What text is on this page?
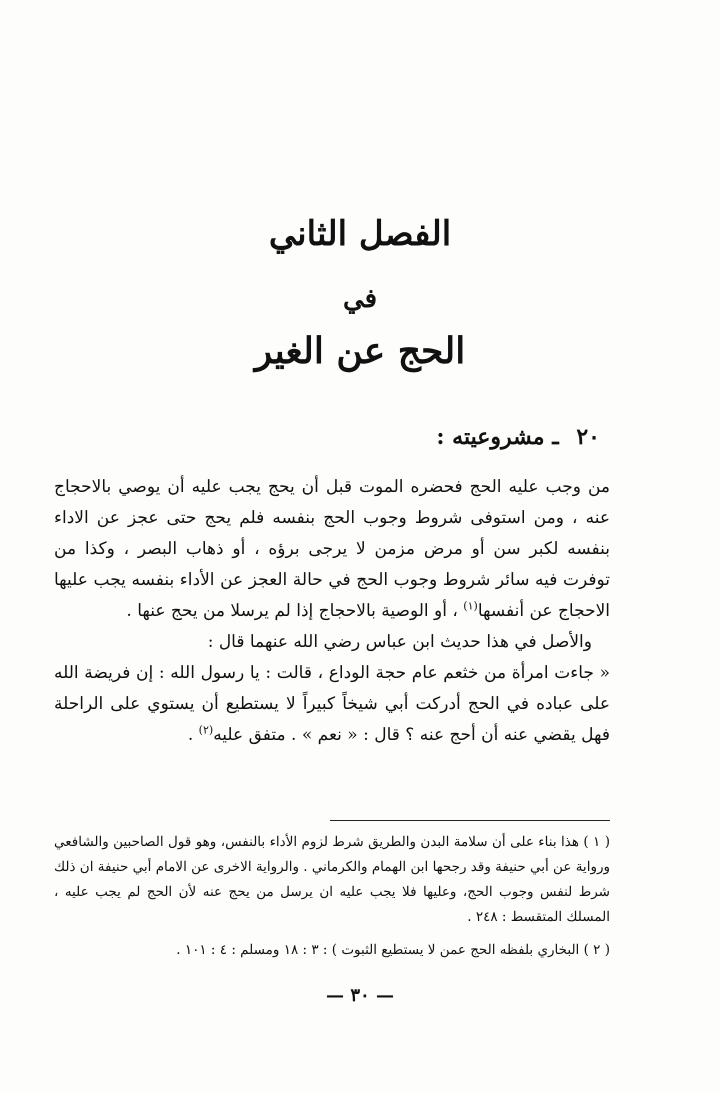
الفصل الثاني
في
الحج عن الغير
٢٠ ـ مشروعيته :

من وجب عليه الحج فحضره الموت قبل أن يحج يجب عليه أن يوصي بالاحجاج عنه ، ومن استوفى شروط وجوب الحج بنفسه فلم يحج حتى عجز عن الاداء بنفسه لكبر سن أو مرض مزمن لا يرجى برؤه ، أو ذهاب البصر ، وكذا من توفرت فيه سائر شروط وجوب الحج في حالة العجز عن الأداء بنفسه يجب عليها الاحجاج عن أنفسها$^{(١)}$ ، أو الوصية بالاحجاج إذا لم يرسلا من يحج عنها .

والأصل في هذا حديث ابن عباس رضي الله عنهما قال :

« جاءت امرأة من خثعم عام حجة الوداع ، قالت : يا رسول الله : إن فريضة الله على عباده في الحج أدركت أبي شيخاً كبيراً لا يستطيع أن يستوي على الراحلة فهل يقضي عنه أن أحج عنه ؟ قال : « نعم » . متفق عليه$^{(٢)}$ .

( ١ ) هذا بناء على أن سلامة البدن والطريق شرط لزوم الأداء بالنفس، وهو قول الصاحبين والشافعي ورواية عن أبي حنيفة وقد رجحها ابن الهمام والكرماني . والرواية الاخرى عن الامام أبي حنيفة ان ذلك شرط لنفس وجوب الحج، وعليها فلا يجب عليه ان يرسل من يحج عنه لأن الحج لم يجب عليه ، المسلك المتقسط : ٢٤٨ .

( ٢ ) البخاري بلفظه الحج عمن لا يستطيع الثبوت ) : ٣ : ١٨ ومسلم : ٤ : ١٠١ .

— ٣٠ —
